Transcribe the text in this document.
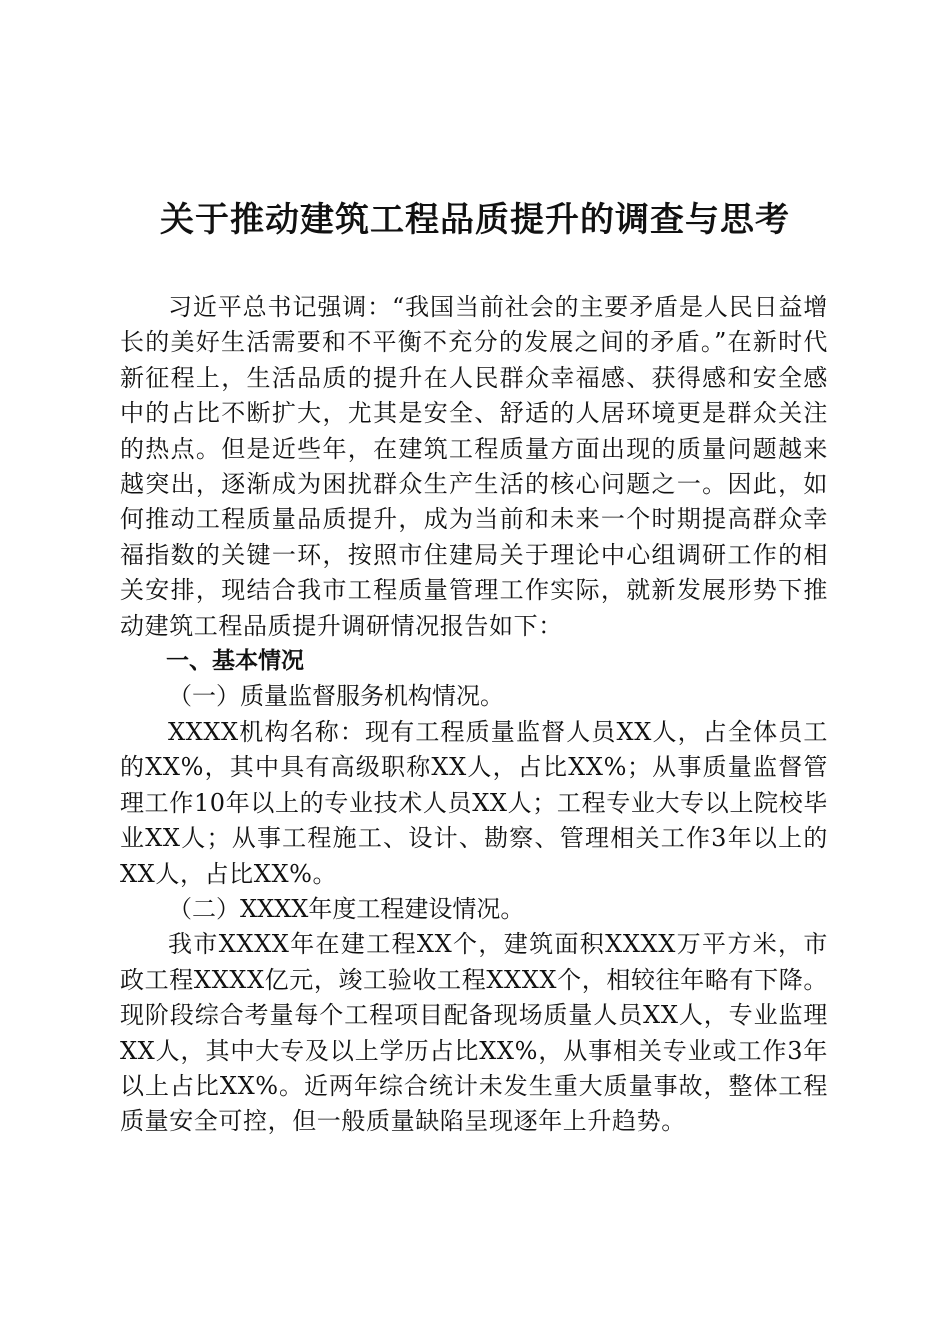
关于推动建筑工程品质提升的调查与思考

习近平总书记强调：“我国当前社会的主要矛盾是人民日益增长的美好生活需要和不平衡不充分的发展之间的矛盾。”在新时代新征程上，生活品质的提升在人民群众幸福感、获得感和安全感中的占比不断扩大，尤其是安全、舒适的人居环境更是群众关注的热点。但是近些年，在建筑工程质量方面出现的质量问题越来越突出，逐渐成为困扰群众生产生活的核心问题之一。因此，如何推动工程质量品质提升，成为当前和未来一个时期提高群众幸福指数的关键一环，按照市住建局关于理论中心组调研工作的相关安排，现结合我市工程质量管理工作实际，就新发展形势下推动建筑工程品质提升调研情况报告如下：

一、基本情况

（一）质量监督服务机构情况。

XXXX机构名称：现有工程质量监督人员XX人，占全体员工的XX%，其中具有高级职称XX人，占比XX%；从事质量监督管理工作10年以上的专业技术人员XX人；工程专业大专以上院校毕业XX人；从事工程施工、设计、勘察、管理相关工作3年以上的XX人，占比XX%。

（二）XXXX年度工程建设情况。

我市XXXX年在建工程XX个，建筑面积XXXX万平方米，市政工程XXXX亿元，竣工验收工程XXXX个，相较往年略有下降。现阶段综合考量每个工程项目配备现场质量人员XX人，专业监理XX人，其中大专及以上学历占比XX%，从事相关专业或工作3年以上占比XX%。近两年综合统计未发生重大质量事故，整体工程质量安全可控，但一般质量缺陷呈现逐年上升趋势。
